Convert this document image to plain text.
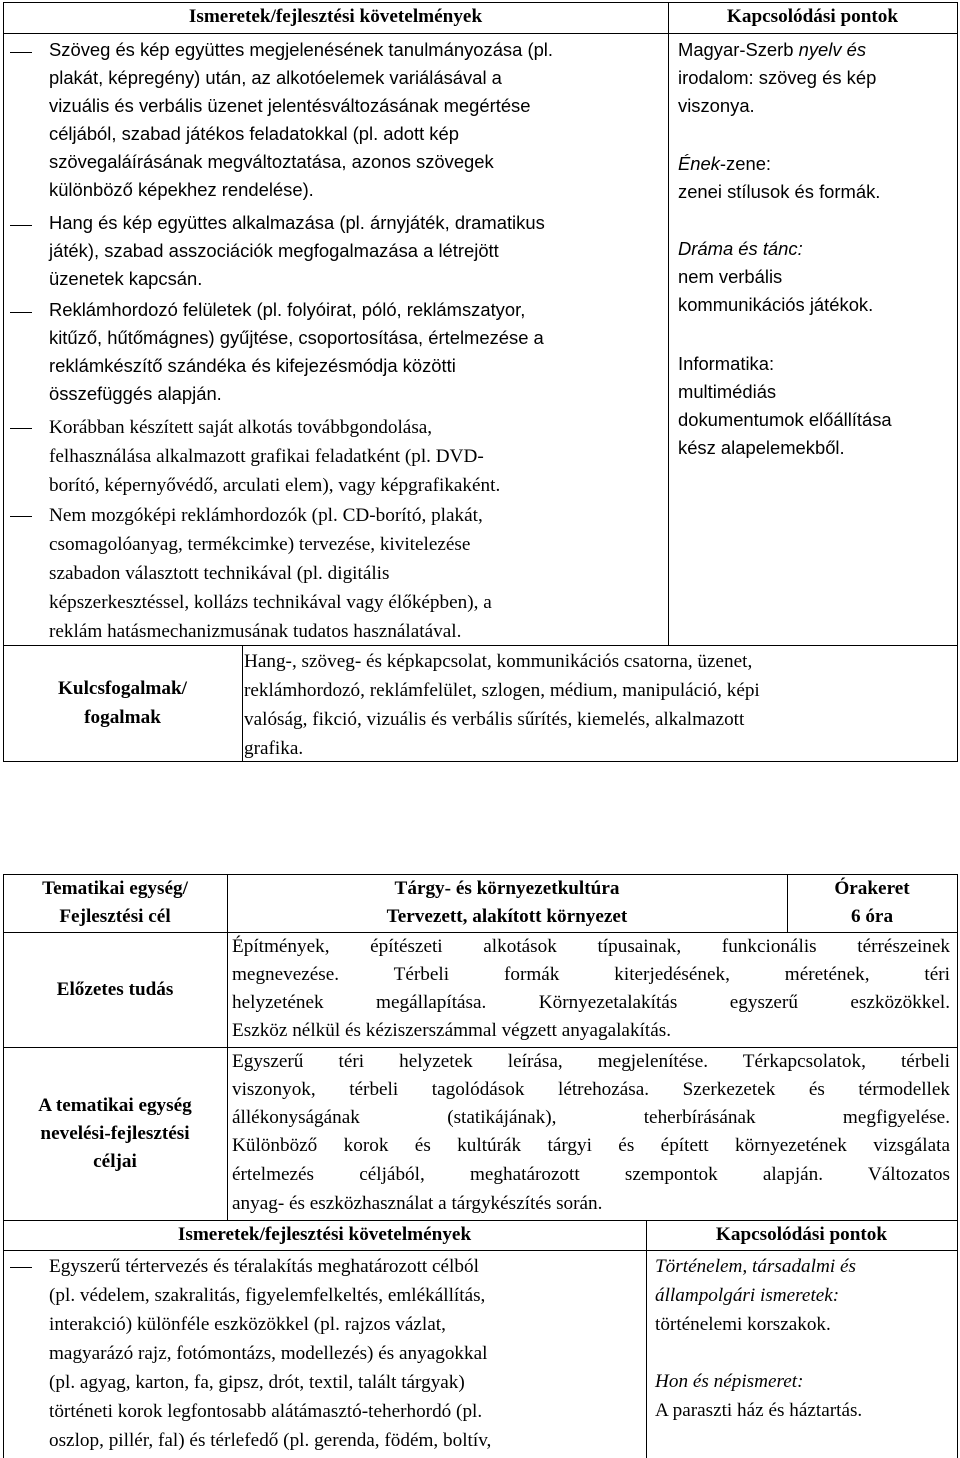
Ismeretek/fejlesztési követelmények	Kapcsolódási pontok
Szöveg és kép együttes megjelenésének tanulmányozása (pl.
plakát, képregény) után, az alkotóelemek variálásával a
vizuális és verbális üzenet jelentésváltozásának megértése
céljából, szabad játékos feladatokkal (pl. adott kép
szövegaláírásának megváltoztatása, azonos szövegek
különböző képekhez rendelése).
Hang és kép együttes alkalmazása (pl. árnyjáték, dramatikus
játék), szabad asszociációk megfogalmazása a létrejött
üzenetek kapcsán.
Reklámhordozó felületek (pl. folyóirat, póló, reklámszatyor,
kitűző, hűtőmágnes) gyűjtése, csoportosítása, értelmezése a
reklámkészítő szándéka és kifejezésmódja közötti
összefüggés alapján.
Korábban készített saját alkotás továbbgondolása,
felhasználása alkalmazott grafikai feladatként (pl. DVD-
borító, képernyővédő, arculati elem), vagy képgrafikaként.
Nem mozgóképi reklámhordozók (pl. CD-borító, plakát,
csomagolóanyag, termékcimke) tervezése, kivitelezése
szabadon választott technikával (pl. digitális
képszerkesztéssel, kollázs technikával vagy élőképben), a
reklám hatásmechanizmusának tudatos használatával.
Magyar-Szerb nyelv és
irodalom: szöveg és kép
viszonya.
Ének-zene:
zenei stílusok és formák.
Dráma és tánc:
nem verbális
kommunikációs játékok.
Informatika:
multimédiás
dokumentumok előállítása
kész alapelemekből.
Kulcsfogalmak/
fogalmak
Hang-, szöveg- és képkapcsolat, kommunikációs csatorna, üzenet,
reklámhordozó, reklámfelület, szlogen, médium, manipuláció, képi
valóság, fikció, vizuális és verbális sűrítés, kiemelés, alkalmazott
grafika.
Tematikai egység/
Fejlesztési cél
Tárgy- és környezetkultúra
Tervezett, alakított környezet
Órakeret
6 óra
Előzetes tudás
Építmények, építészeti alkotások típusainak, funkcionális térrészeinek
megnevezése. Térbeli formák kiterjedésének, méretének, téri
helyzetének megállapítása. Környezetalakítás egyszerű eszközökkel.
Eszköz nélkül és kéziszerszámmal végzett anyagalakítás.
A tematikai egység
nevelési-fejlesztési
céljai
Egyszerű téri helyzetek leírása, megjelenítése. Térkapcsolatok, térbeli
viszonyok, térbeli tagolódások létrehozása. Szerkezetek és térmodellek
állékonyságának (statikájának), teherbírásának megfigyelése.
Különböző korok és kultúrák tárgyi és épített környezetének vizsgálata
értelmezés céljából, meghatározott szempontok alapján. Változatos
anyag- és eszközhasználat a tárgykészítés során.
Ismeretek/fejlesztési követelmények	Kapcsolódási pontok
Egyszerű tértervezés és téralakítás meghatározott célból
(pl. védelem, szakralitás, figyelemfelkeltés, emlékállítás,
interakció) különféle eszközökkel (pl. rajzos vázlat,
magyarázó rajz, fotómontázs, modellezés) és anyagokkal
(pl. agyag, karton, fa, gipsz, drót, textil, talált tárgyak)
történeti korok legfontosabb alátámasztó-teherhordó (pl.
oszlop, pillér, fal) és térlefedő (pl. gerenda, födém, boltív,
Történelem, társadalmi és
állampolgári ismeretek:
történelemi korszakok.
Hon és népismeret:
A paraszti ház és háztartás.
